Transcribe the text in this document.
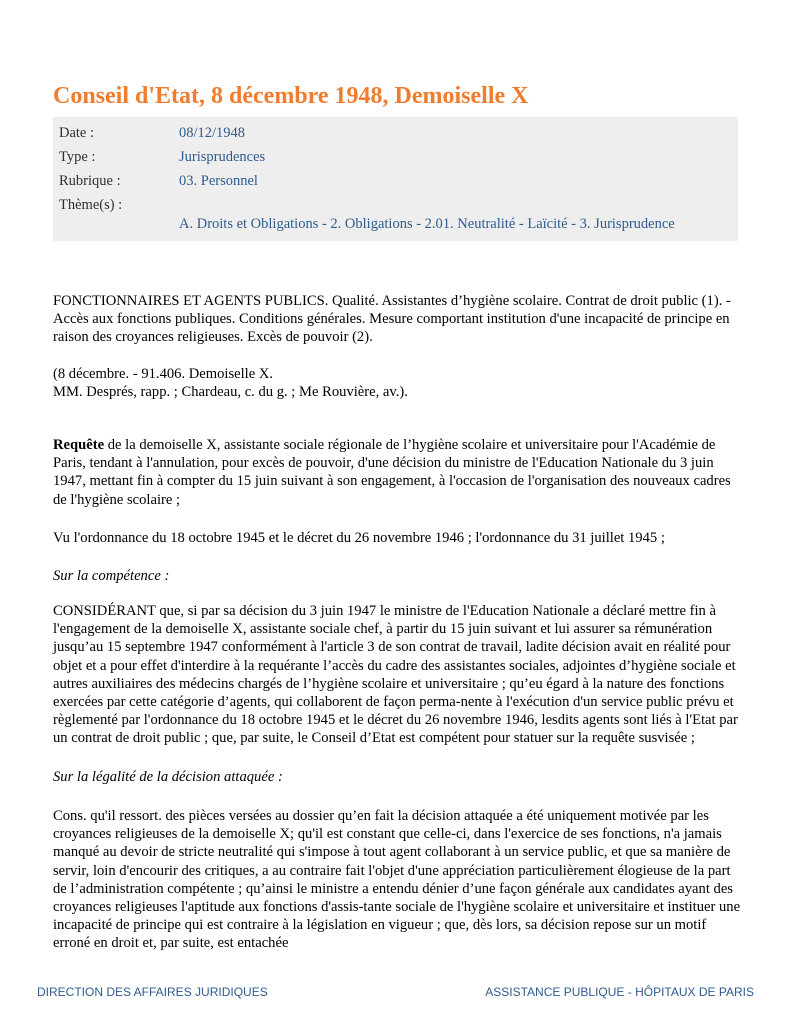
Conseil d'Etat, 8 décembre 1948, Demoiselle X
Date :	08/12/1948
Type :	Jurisprudences
Rubrique :	03. Personnel
Thème(s) :
A. Droits et Obligations - 2. Obligations - 2.01. Neutralité - Laïcité - 3. Jurisprudence

FONCTIONNAIRES ET AGENTS PUBLICS. Qualité. Assistantes d’hygiène scolaire. Contrat de droit public (1). - Accès aux fonctions publiques. Conditions générales. Mesure comportant institution d'une incapacité de principe en raison des croyances religieuses. Excès de pouvoir (2).

(8 décembre. - 91.406. Demoiselle X.

MM. Després, rapp. ; Chardeau, c. du g. ; Me Rouvière, av.).

Requête de la demoiselle X, assistante sociale régionale de l’hygiène scolaire et universitaire pour l'Académie de Paris, tendant à l'annulation, pour excès de pouvoir, d'une décision du ministre de l'Education Nationale du 3 juin 1947, mettant fin à compter du 15 juin suivant à son engagement, à l'occasion de l'organisation des nouveaux cadres de l'hygiène scolaire ;

Vu l'ordonnance du 18 octobre 1945 et le décret du 26 novembre 1946 ; l'ordonnance du 31 juillet 1945 ;

Sur la compétence :

CONSIDÉRANT que, si par sa décision du 3 juin 1947 le ministre de l'Education Nationale a déclaré mettre fin à l'engagement de la demoiselle X, assistante sociale chef, à partir du 15 juin suivant et lui assurer sa rémunération jusqu’au 15 septembre 1947 conformément à l'article 3 de son contrat de travail, ladite décision avait en réalité pour objet et a pour effet d'interdire à la requérante l’accès du cadre des assistantes sociales, adjointes d’hygiène sociale et autres auxiliaires des médecins chargés de l’hygiène scolaire et universitaire ; qu’eu égard à la nature des fonctions exercées par cette catégorie d’agents, qui collaborent de façon perma-nente à l'exécution d'un service public prévu et règlementé par l'ordonnance du 18 octobre 1945 et le décret du 26 novembre 1946, lesdits agents sont liés à l'Etat par un contrat de droit public ; que, par suite, le Conseil d’Etat est compétent pour statuer sur la requête susvisée ;

Sur la légalité de la décision attaquée :

Cons. qu'il ressort. des pièces versées au dossier qu’en fait la décision attaquée a été uniquement motivée par les croyances religieuses de la demoiselle X; qu'il est constant que celle-ci, dans l'exercice de ses fonctions, n'a jamais manqué au devoir de stricte neutralité qui s'impose à tout agent collaborant à un service public, et que sa manière de servir, loin d'encourir des critiques, a au contraire fait l'objet d'une appréciation particulièrement élogieuse de la part de l’administration compétente ; qu’ainsi le ministre a entendu dénier d’une façon générale aux candidates ayant des croyances religieuses l'aptitude aux fonctions d'assis-tante sociale de l'hygiène scolaire et universitaire et instituer une incapacité de principe qui est contraire à la législation en vigueur ; que, dès lors, sa décision repose sur un motif erroné en droit et, par suite, est entachée

DIRECTION DES AFFAIRES JURIDIQUES	ASSISTANCE PUBLIQUE - HÔPITAUX DE PARIS
